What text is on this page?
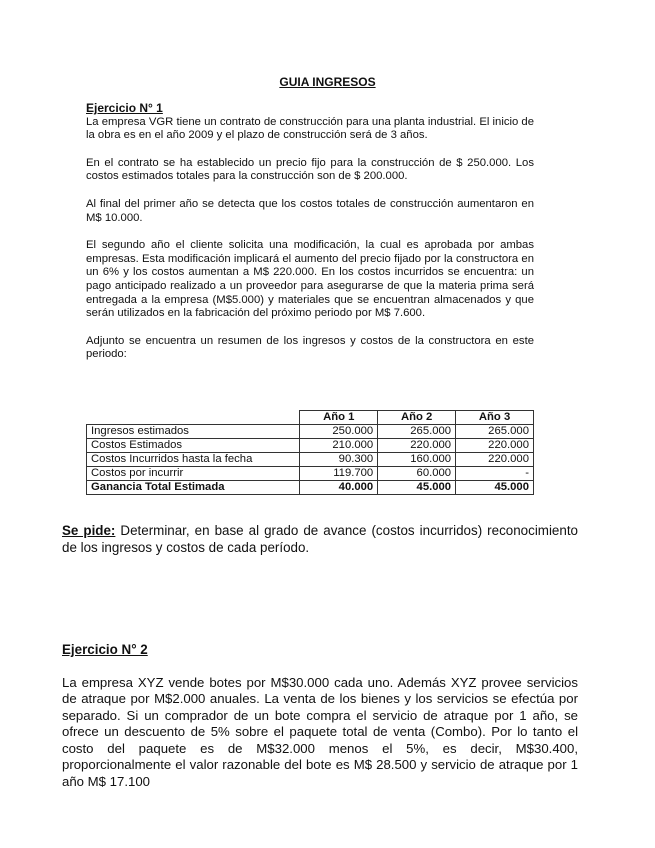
GUIA INGRESOS
Ejercicio N° 1

La empresa VGR tiene un contrato de construcción para una planta industrial. El inicio de la obra es en el año 2009 y el plazo de construcción será de 3 años.

En el contrato se ha establecido un precio fijo para la construcción de $ 250.000. Los costos estimados totales para la construcción son de $ 200.000.

Al final del primer año se detecta que los costos totales de construcción aumentaron en M$ 10.000.

El segundo año el cliente solicita una modificación, la cual es aprobada por ambas empresas. Esta modificación implicará el aumento del precio fijado por la constructora en un 6% y los costos aumentan a M$ 220.000. En los costos incurridos se encuentra: un pago anticipado realizado a un proveedor para asegurarse de que la materia prima será entregada a la empresa (M$5.000) y materiales que se encuentran almacenados y que serán utilizados en la fabricación del próximo periodo por M$ 7.600.

Adjunto se encuentra un resumen de los ingresos y costos de la constructora en este periodo:

	Año 1	Año 2	Año 3
Ingresos estimados	250.000	265.000	265.000
Costos Estimados	210.000	220.000	220.000
Costos Incurridos hasta la fecha	90.300	160.000	220.000
Costos por incurrir	119.700	60.000	-
Ganancia Total Estimada	40.000	45.000	45.000
Se pide: Determinar, en base al grado de avance (costos incurridos) reconocimiento de los ingresos y costos de cada período.
Ejercicio N° 2

La empresa XYZ vende botes por M$30.000 cada uno. Además XYZ provee servicios de atraque por M$2.000 anuales. La venta de los bienes y los servicios se efectúa por separado. Si un comprador de un bote compra el servicio de atraque por 1 año, se ofrece un descuento de 5% sobre el paquete total de venta (Combo). Por lo tanto el costo del paquete es de M$32.000 menos el 5%, es decir, M$30.400, proporcionalmente el valor razonable del bote es M$ 28.500 y servicio de atraque por 1 año M$ 17.100
